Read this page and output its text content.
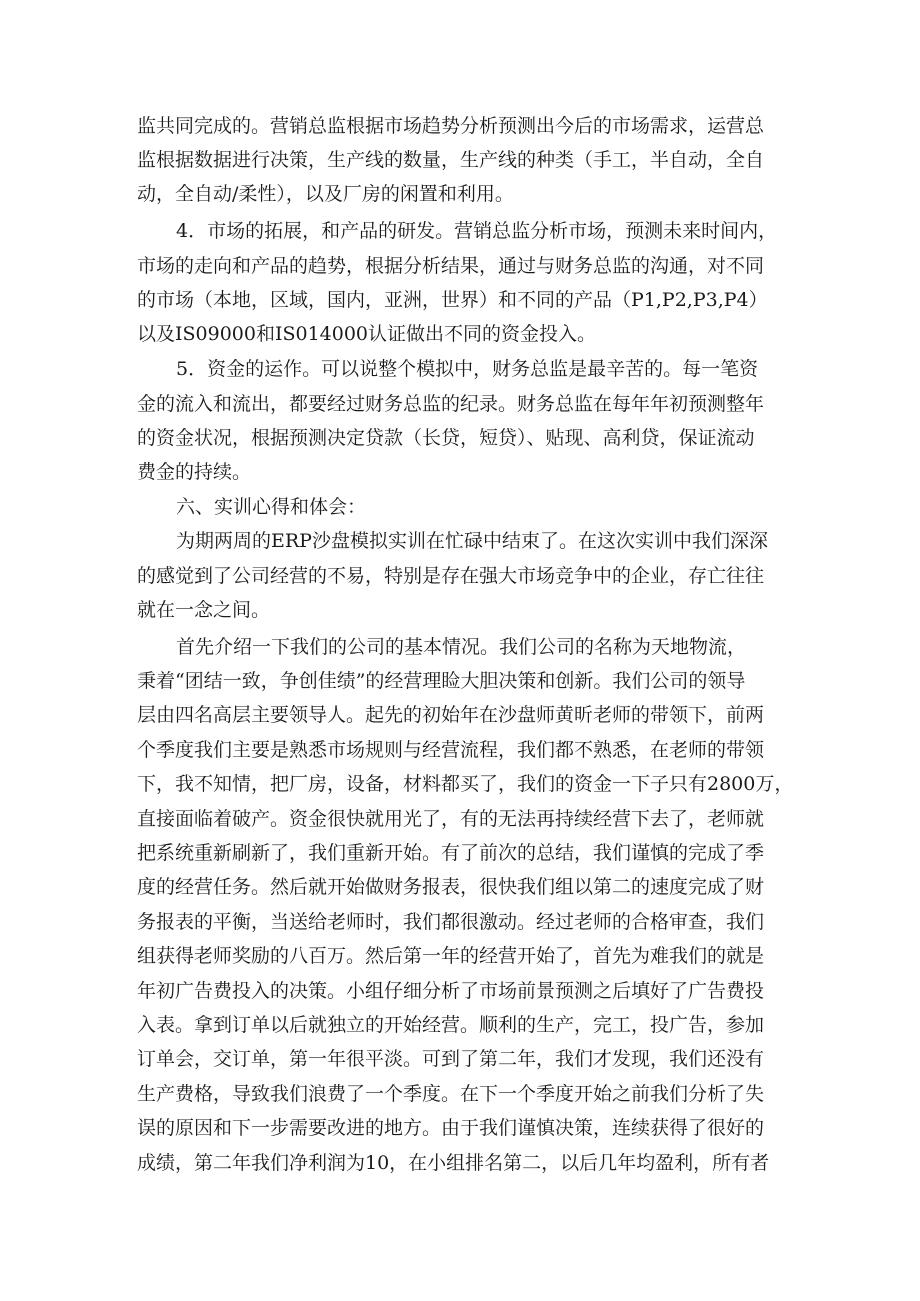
监共同完成的。营销总监根据市场趋势分析预测出今后的市场需求，运营总
监根据数据进行决策，生产线的数量，生产线的种类（手工，半自动，全自
动，全自动/柔性），以及厂房的闲置和利用。
4．市场的拓展，和产品的研发。营销总监分析市场，预测未来时间内，
市场的走向和产品的趋势，根据分析结果，通过与财务总监的沟通，对不同
的市场（本地，区域，国内，亚洲，世界）和不同的产品（P1,P2,P3,P4）
以及IS09000和IS014000认证做出不同的资金投入。
5．资金的运作。可以说整个模拟中，财务总监是最辛苦的。每一笔资
金的流入和流出，都要经过财务总监的纪录。财务总监在每年年初预测整年
的资金状况，根据预测决定贷款（长贷，短贷）、贴现、高利贷，保证流动
费金的持续。
六、实训心得和体会：
为期两周的ERP沙盘模拟实训在忙碌中结束了。在这次实训中我们深深
的感觉到了公司经营的不易，特别是存在强大市场竞争中的企业，存亡往往
就在一念之间。
首先介绍一下我们的公司的基本情况。我们公司的名称为天地物流，
秉着“团结一致，争创佳绩”的经营理睑大胆决策和创新。我们公司的领导
层由四名高层主要领导人。起先的初始年在沙盘师黄昕老师的带领下，前两
个季度我们主要是熟悉市场规则与经营流程，我们都不熟悉，在老师的带领
下，我不知情，把厂房，设备，材料都买了，我们的资金一下子只有2800万，
直接面临着破产。资金很快就用光了，有的无法再持续经营下去了，老师就
把系统重新刷新了，我们重新开始。有了前次的总结，我们谨慎的完成了季
度的经营任务。然后就开始做财务报表，很快我们组以第二的速度完成了财
务报表的平衡，当送给老师时，我们都很激动。经过老师的合格审查，我们
组获得老师奖励的八百万。然后第一年的经营开始了，首先为难我们的就是
年初广告费投入的决策。小组仔细分析了市场前景预测之后填好了广告费投
入表。拿到订单以后就独立的开始经营。顺利的生产，完工，投广告，参加
订单会，交订单，第一年很平淡。可到了第二年，我们才发现，我们还没有
生产费格，导致我们浪费了一个季度。在下一个季度开始之前我们分析了失
误的原因和下一步需要改进的地方。由于我们谨慎决策，连续获得了很好的
成绩，第二年我们净利润为10，在小组排名第二，以后几年均盈利，所有者
